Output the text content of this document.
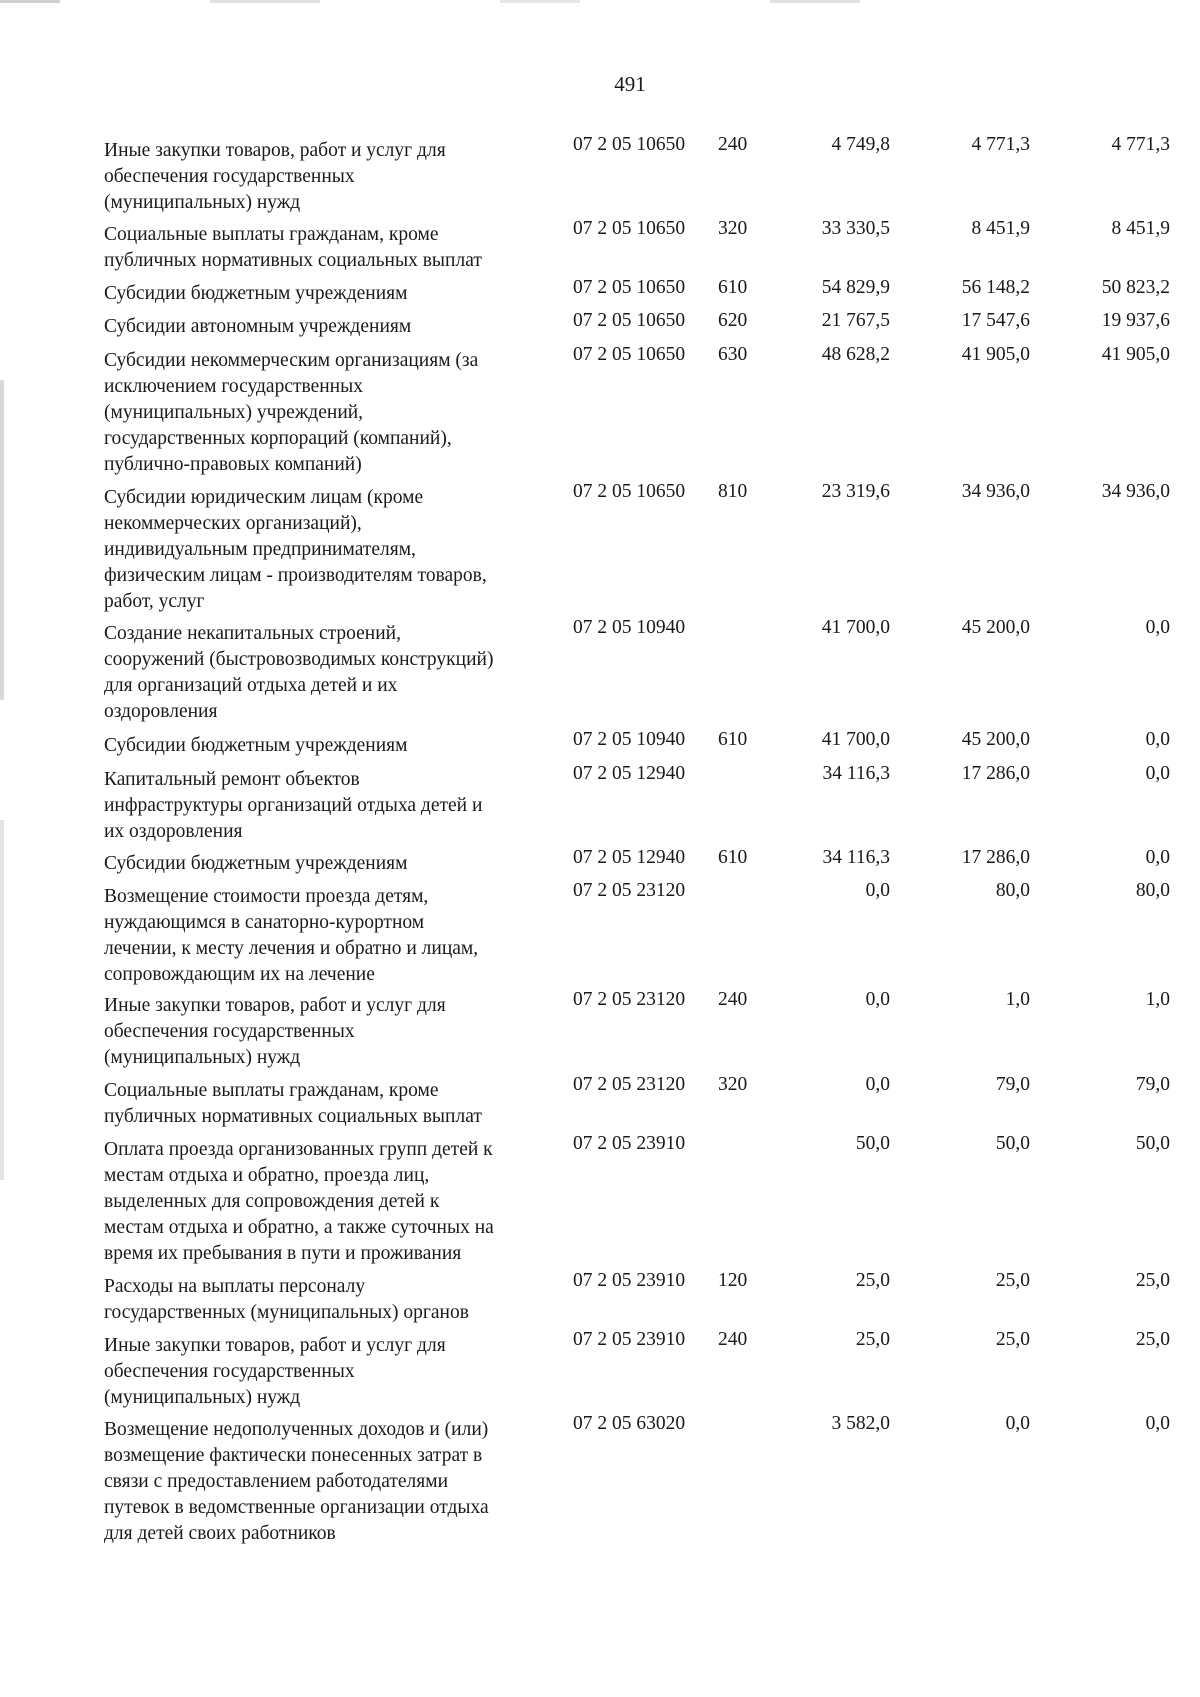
491
Иные закупки товаров, работ и услуг для
обеспечения государственных
(муниципальных) нужд
07 2 05 10650	240	4 749,8	4 771,3	4 771,3
Социальные выплаты гражданам, кроме
публичных нормативных социальных выплат
07 2 05 10650	320	33 330,5	8 451,9	8 451,9
Субсидии бюджетным учреждениям	07 2 05 10650	610	54 829,9	56 148,2	50 823,2
Субсидии автономным учреждениям	07 2 05 10650	620	21 767,5	17 547,6	19 937,6
Субсидии некоммерческим организациям (за
исключением государственных
(муниципальных) учреждений,
государственных корпораций (компаний),
публично-правовых компаний)
07 2 05 10650	630	48 628,2	41 905,0	41 905,0
Субсидии юридическим лицам (кроме
некоммерческих организаций),
индивидуальным предпринимателям,
физическим лицам - производителям товаров,
работ, услуг
07 2 05 10650	810	23 319,6	34 936,0	34 936,0
Создание некапитальных строений,
сооружений (быстровозводимых конструкций)
для организаций отдыха детей и их
оздоровления
07 2 05 10940	41 700,0	45 200,0	0,0
Субсидии бюджетным учреждениям	07 2 05 10940	610	41 700,0	45 200,0	0,0
Капитальный ремонт объектов
инфраструктуры организаций отдыха детей и
их оздоровления
07 2 05 12940	34 116,3	17 286,0	0,0
Субсидии бюджетным учреждениям	07 2 05 12940	610	34 116,3	17 286,0	0,0
Возмещение стоимости проезда детям,
нуждающимся в санаторно-курортном
лечении, к месту лечения и обратно и лицам,
сопровождающим их на лечение
07 2 05 23120	0,0	80,0	80,0
Иные закупки товаров, работ и услуг для
обеспечения государственных
(муниципальных) нужд
07 2 05 23120	240	0,0	1,0	1,0
Социальные выплаты гражданам, кроме
публичных нормативных социальных выплат
07 2 05 23120	320	0,0	79,0	79,0
Оплата проезда организованных групп детей к
местам отдыха и обратно, проезда лиц,
выделенных для сопровождения детей к
местам отдыха и обратно, а также суточных на
время их пребывания в пути и проживания
07 2 05 23910	50,0	50,0	50,0
Расходы на выплаты персоналу
государственных (муниципальных) органов
07 2 05 23910	120	25,0	25,0	25,0
Иные закупки товаров, работ и услуг для
обеспечения государственных
(муниципальных) нужд
07 2 05 23910	240	25,0	25,0	25,0
Возмещение недополученных доходов и (или)
возмещение фактически понесенных затрат в
связи с предоставлением работодателями
путевок в ведомственные организации отдыха
для детей своих работников
07 2 05 63020	3 582,0	0,0	0,0
